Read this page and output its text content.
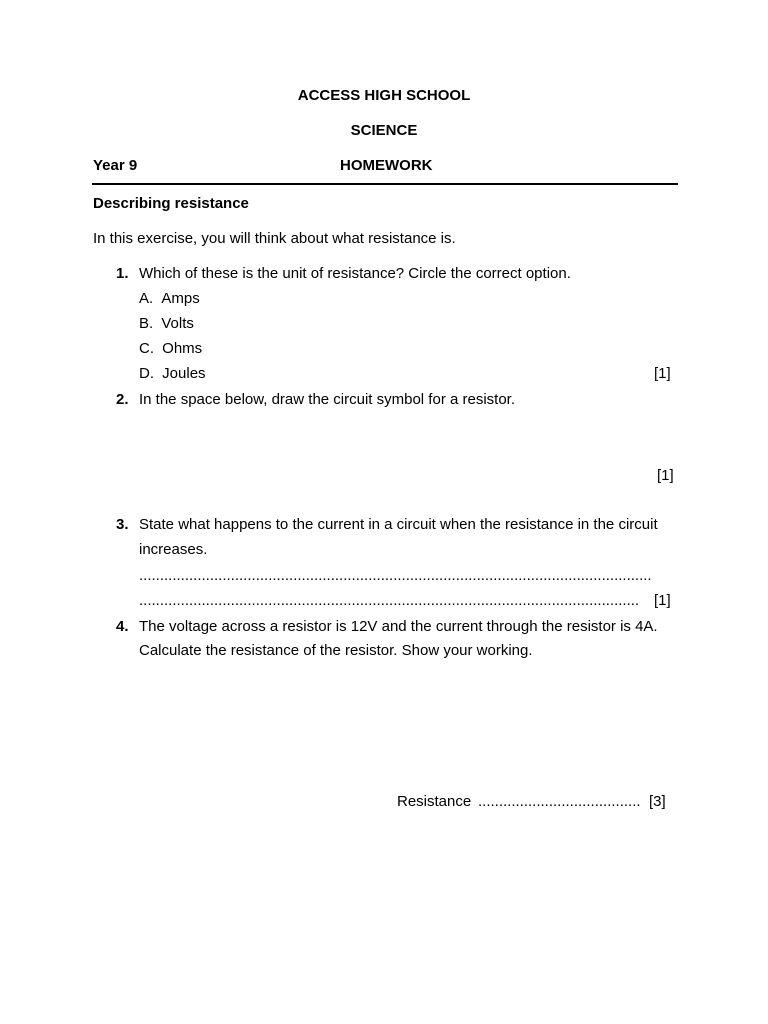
ACCESS HIGH SCHOOL
SCIENCE
Year 9	HOMEWORK
Describing resistance
In this exercise, you will think about what resistance is.
1. Which of these is the unit of resistance? Circle the correct option.
A. Amps
B. Volts
C. Ohms
D. Joules	[1]
2. In the space below, draw the circuit symbol for a resistor.
[1]
3. State what happens to the current in a circuit when the resistance in the circuit
increases.
...........................................................................................................................
........................................................................................................................ [1]
4. The voltage across a resistor is 12V and the current through the resistor is 4A.
Calculate the resistance of the resistor. Show your working.
Resistance ....................................... [3]
